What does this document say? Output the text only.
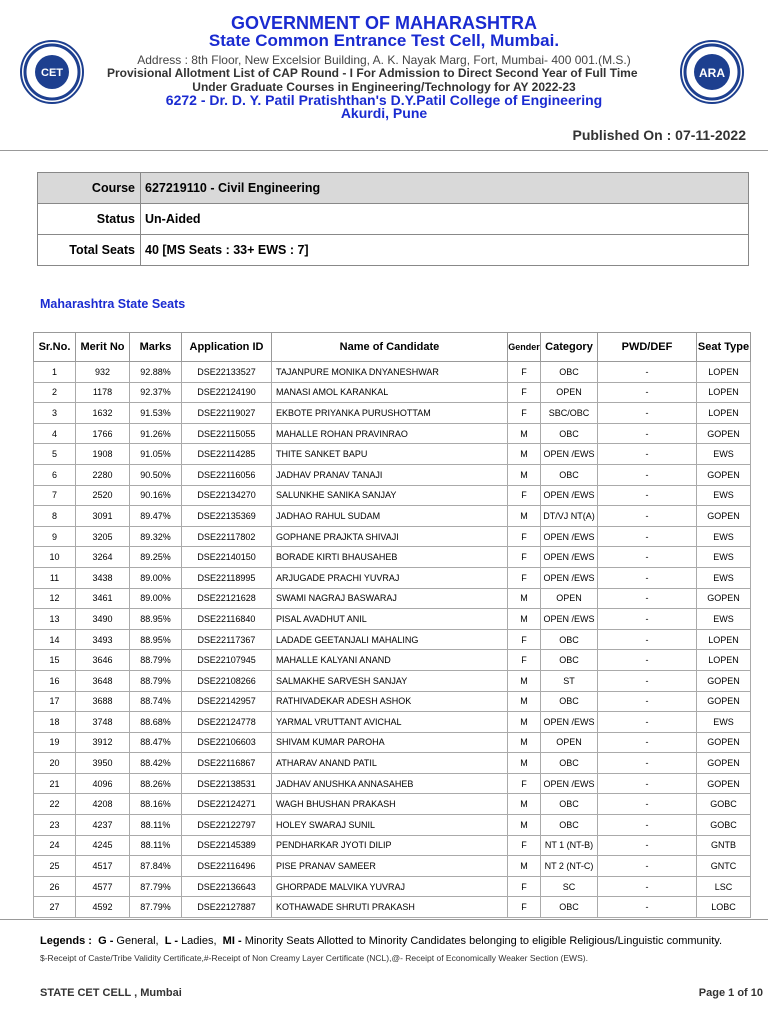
CET	ARA
GOVERNMENT OF MAHARASHTRA
State Common Entrance Test Cell, Mumbai.
Address : 8th Floor, New Excelsior Building, A. K. Nayak Marg, Fort, Mumbai- 400 001.(M.S.)
Provisional Allotment List of CAP Round - I For Admission to Direct Second Year of Full Time
Under Graduate Courses in Engineering/Technology for AY 2022-23
6272 - Dr. D. Y. Patil Pratishthan's D.Y.Patil College of Engineering
Akurdi, Pune
Published On : 07-11-2022
Course	627219110 - Civil Engineering
Status	Un-Aided
Total Seats	40 [MS Seats : 33+ EWS : 7]
Maharashtra State Seats
Sr.No.	Merit No	Marks	Application ID	Name of Candidate	Gender	Category	PWD/DEF	Seat Type
1	932	92.88%	DSE22133527	TAJANPURE MONIKA DNYANESHWAR	F	OBC	-	LOPEN
2	1178	92.37%	DSE22124190	MANASI AMOL KARANKAL	F	OPEN	-	LOPEN
3	1632	91.53%	DSE22119027	EKBOTE PRIYANKA PURUSHOTTAM	F	SBC/OBC	-	LOPEN
4	1766	91.26%	DSE22115055	MAHALLE ROHAN PRAVINRAO	M	OBC	-	GOPEN
5	1908	91.05%	DSE22114285	THITE SANKET BAPU	M	OPEN /EWS	-	EWS
6	2280	90.50%	DSE22116056	JADHAV PRANAV TANAJI	M	OBC	-	GOPEN
7	2520	90.16%	DSE22134270	SALUNKHE SANIKA SANJAY	F	OPEN /EWS	-	EWS
8	3091	89.47%	DSE22135369	JADHAO RAHUL SUDAM	M	DT/VJ NT(A)	-	GOPEN
9	3205	89.32%	DSE22117802	GOPHANE PRAJKTA SHIVAJI	F	OPEN /EWS	-	EWS
10	3264	89.25%	DSE22140150	BORADE KIRTI BHAUSAHEB	F	OPEN /EWS	-	EWS
11	3438	89.00%	DSE22118995	ARJUGADE PRACHI YUVRAJ	F	OPEN /EWS	-	EWS
12	3461	89.00%	DSE22121628	SWAMI NAGRAJ BASWARAJ	M	OPEN	-	GOPEN
13	3490	88.95%	DSE22116840	PISAL AVADHUT ANIL	M	OPEN /EWS	-	EWS
14	3493	88.95%	DSE22117367	LADADE GEETANJALI MAHALING	F	OBC	-	LOPEN
15	3646	88.79%	DSE22107945	MAHALLE KALYANI ANAND	F	OBC	-	LOPEN
16	3648	88.79%	DSE22108266	SALMAKHE SARVESH SANJAY	M	ST	-	GOPEN
17	3688	88.74%	DSE22142957	RATHIVADEKAR ADESH ASHOK	M	OBC	-	GOPEN
18	3748	88.68%	DSE22124778	YARMAL VRUTTANT AVICHAL	M	OPEN /EWS	-	EWS
19	3912	88.47%	DSE22106603	SHIVAM KUMAR PAROHA	M	OPEN	-	GOPEN
20	3950	88.42%	DSE22116867	ATHARAV ANAND PATIL	M	OBC	-	GOPEN
21	4096	88.26%	DSE22138531	JADHAV ANUSHKA ANNASAHEB	F	OPEN /EWS	-	GOPEN
22	4208	88.16%	DSE22124271	WAGH BHUSHAN PRAKASH	M	OBC	-	GOBC
23	4237	88.11%	DSE22122797	HOLEY SWARAJ SUNIL	M	OBC	-	GOBC
24	4245	88.11%	DSE22145389	PENDHARKAR JYOTI DILIP	F	NT 1 (NT-B)	-	GNTB
25	4517	87.84%	DSE22116496	PISE PRANAV SAMEER	M	NT 2 (NT-C)	-	GNTC
26	4577	87.79%	DSE22136643	GHORPADE MALVIKA YUVRAJ	F	SC	-	LSC
27	4592	87.79%	DSE22127887	KOTHAWADE SHRUTI PRAKASH	F	OBC	-	LOBC
Legends : G - General, L - Ladies, MI - Minority Seats Allotted to Minority Candidates belonging to eligible Religious/Linguistic community.
$-Receipt of Caste/Tribe Validity Certificate,#-Receipt of Non Creamy Layer Certificate (NCL),@- Receipt of Economically Weaker Section (EWS).
STATE CET CELL , Mumbai	Page 1 of 10
